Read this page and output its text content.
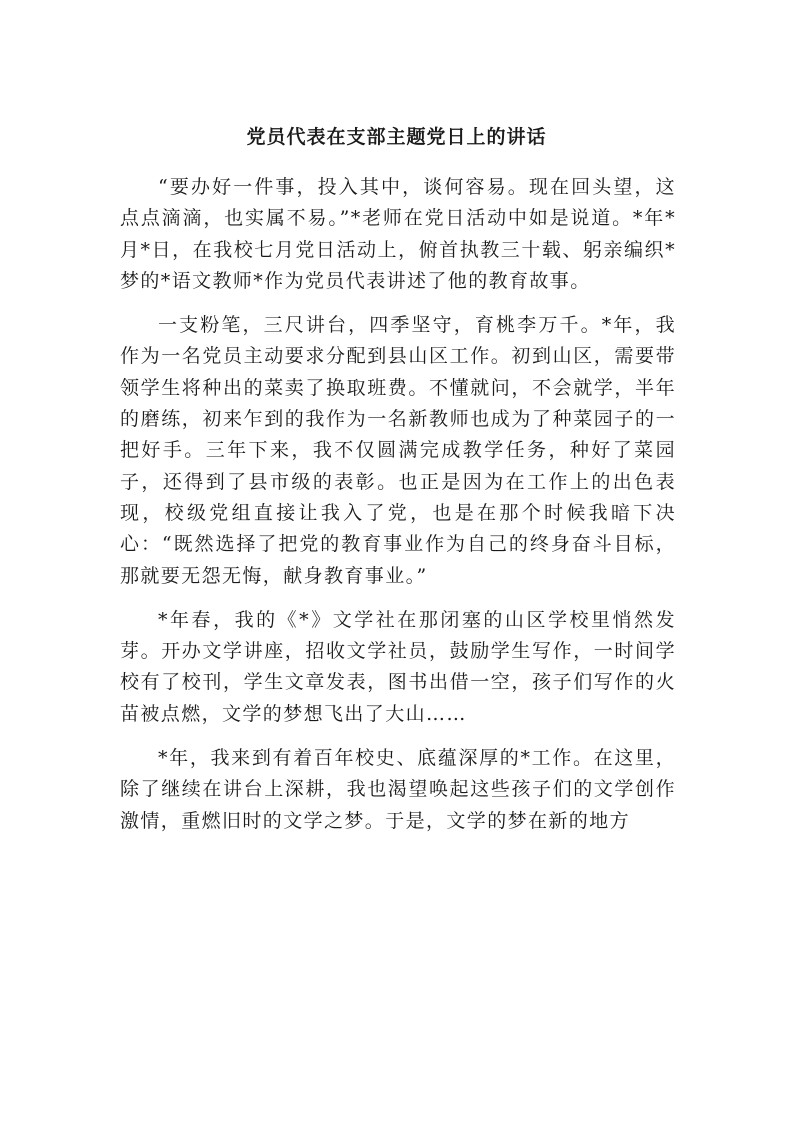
党员代表在支部主题党日上的讲话

“要办好一件事，投入其中，谈何容易。现在回头望，这点点滴滴，也实属不易。”*老师在党日活动中如是说道。*年*月*日，在我校七月党日活动上，俯首执教三十载、躬亲编织*梦的*语文教师*作为党员代表讲述了他的教育故事。

一支粉笔，三尺讲台，四季坚守，育桃李万千。*年，我作为一名党员主动要求分配到县山区工作。初到山区，需要带领学生将种出的菜卖了换取班费。不懂就问，不会就学，半年的磨练，初来乍到的我作为一名新教师也成为了种菜园子的一把好手。三年下来，我不仅圆满完成教学任务，种好了菜园子，还得到了县市级的表彰。也正是因为在工作上的出色表现，校级党组直接让我入了党，也是在那个时候我暗下决心：“既然选择了把党的教育事业作为自己的终身奋斗目标，那就要无怨无悔，献身教育事业。”

*年春，我的《*》文学社在那闭塞的山区学校里悄然发芽。开办文学讲座，招收文学社员，鼓励学生写作，一时间学校有了校刊，学生文章发表，图书出借一空，孩子们写作的火苗被点燃，文学的梦想飞出了大山……

*年，我来到有着百年校史、底蕴深厚的*工作。在这里，除了继续在讲台上深耕，我也渴望唤起这些孩子们的文学创作激情，重燃旧时的文学之梦。于是，文学的梦在新的地方
